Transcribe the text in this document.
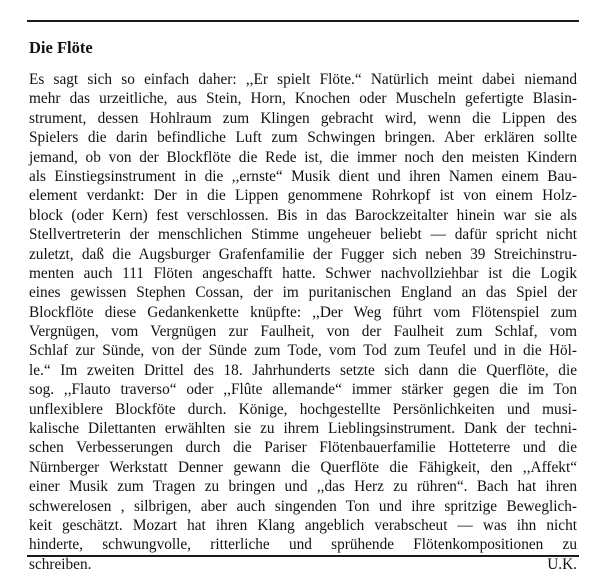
Die Flöte
Es sagt sich so einfach daher: ,,Er spielt Flöte.“ Natürlich meint dabei niemand
mehr das urzeitliche, aus Stein, Horn, Knochen oder Muscheln gefertigte Blasin-
strument, dessen Hohlraum zum Klingen gebracht wird, wenn die Lippen des
Spielers die darin befindliche Luft zum Schwingen bringen. Aber erklären sollte
jemand, ob von der Blockflöte die Rede ist, die immer noch den meisten Kindern
als Einstiegsinstrument in die ,,ernste“ Musik dient und ihren Namen einem Bau-
element verdankt: Der in die Lippen genommene Rohrkopf ist von einem Holz-
block (oder Kern) fest verschlossen. Bis in das Barockzeitalter hinein war sie als
Stellvertreterin der menschlichen Stimme ungeheuer beliebt — dafür spricht nicht
zuletzt, daß die Augsburger Grafenfamilie der Fugger sich neben 39 Streichinstru-
menten auch 111 Flöten angeschafft hatte. Schwer nachvollziehbar ist die Logik
eines gewissen Stephen Cossan, der im puritanischen England an das Spiel der
Blockflöte diese Gedankenkette knüpfte: ,,Der Weg führt vom Flötenspiel zum
Vergnügen, vom Vergnügen zur Faulheit, von der Faulheit zum Schlaf, vom
Schlaf zur Sünde, von der Sünde zum Tode, vom Tod zum Teufel und in die Höl-
le.“ Im zweiten Drittel des 18. Jahrhunderts setzte sich dann die Querflöte, die
sog. ,,Flauto traverso“ oder ,,Flûte allemande“ immer stärker gegen die im Ton
unflexiblere Blockföte durch. Könige, hochgestellte Persönlichkeiten und musi-
kalische Dilettanten erwählten sie zu ihrem Lieblingsinstrument. Dank der techni-
schen Verbesserungen durch die Pariser Flötenbauerfamilie Hotteterre und die
Nürnberger Werkstatt Denner gewann die Querflöte die Fähigkeit, den ,,Affekt“
einer Musik zum Tragen zu bringen und ,,das Herz zu rühren“. Bach hat ihren
schwerelosen , silbrigen, aber auch singenden Ton und ihre spritzige Beweglich-
keit geschätzt. Mozart hat ihren Klang angeblich verabscheut — was ihn nicht
hinderte, schwungvolle, ritterliche und sprühende Flötenkompositionen zu
schreiben.	U.K.
